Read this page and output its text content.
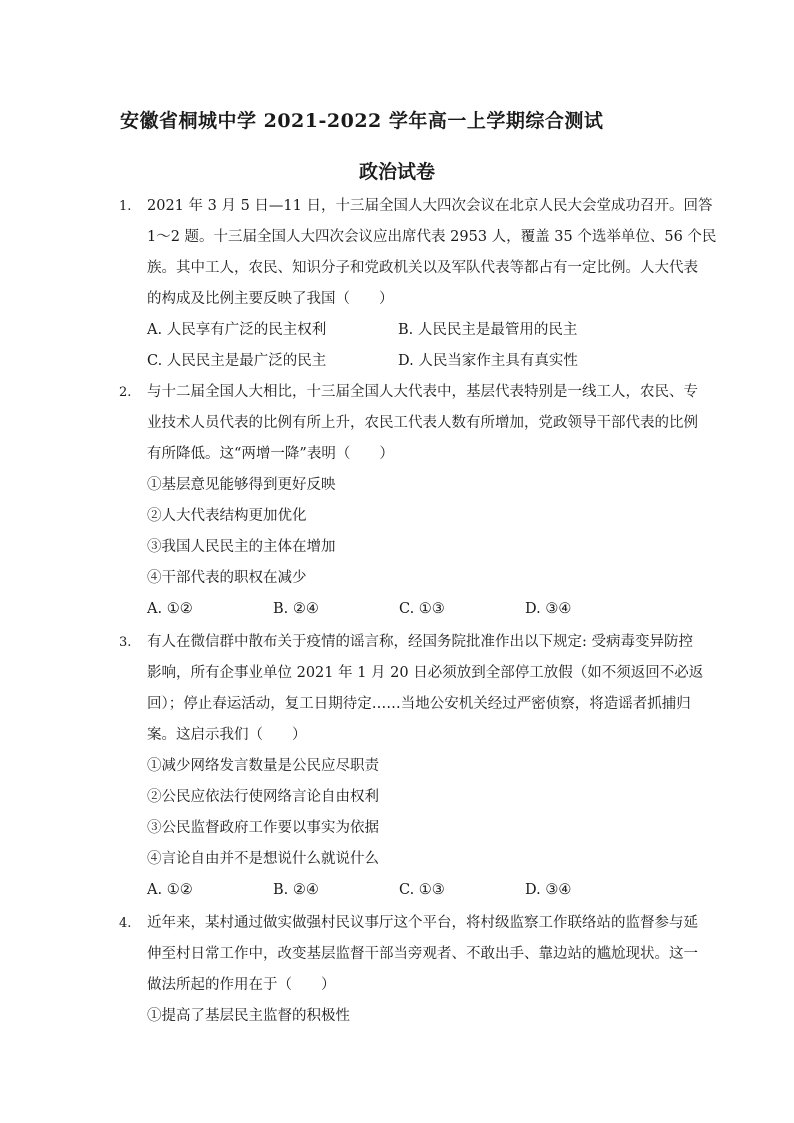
安徽省桐城中学 2021-2022 学年高一上学期综合测试
政治试卷
1. 2021 年 3 月 5 日—11 日，十三届全国人大四次会议在北京人民大会堂成功召开。回答
1～2 题。十三届全国人大四次会议应出席代表 2953 人，覆盖 35 个选举单位、56 个民
族。其中工人，农民、知识分子和党政机关以及军队代表等都占有一定比例。人大代表
的构成及比例主要反映了我国（　　）
A. 人民享有广泛的民主权利	B. 人民民主是最管用的民主
C. 人民民主是最广泛的民主	D. 人民当家作主具有真实性
2. 与十二届全国人大相比，十三届全国人大代表中，基层代表特别是一线工人，农民、专
业技术人员代表的比例有所上升，农民工代表人数有所增加，党政领导干部代表的比例
有所降低。这“两增一降”表明（　　）
①基层意见能够得到更好反映
②人大代表结构更加优化
③我国人民民主的主体在增加
④干部代表的职权在减少
A. ①②	B. ②④	C. ①③	D. ③④
3. 有人在微信群中散布关于疫情的谣言称，经国务院批准作出以下规定: 受病毒变异防控
影响，所有企事业单位 2021 年 1 月 20 日必须放到全部停工放假（如不须返回不必返
回）；停止春运活动，复工日期待定……当地公安机关经过严密侦察，将造谣者抓捕归
案。这启示我们（　　）
①减少网络发言数量是公民应尽职责
②公民应依法行使网络言论自由权利
③公民监督政府工作要以事实为依据
④言论自由并不是想说什么就说什么
A. ①②	B. ②④	C. ①③	D. ③④
4. 近年来，某村通过做实做强村民议事厅这个平台，将村级监察工作联络站的监督参与延
伸至村日常工作中，改变基层监督干部当旁观者、不敢出手、靠边站的尴尬现状。这一
做法所起的作用在于（　　）
①提高了基层民主监督的积极性
